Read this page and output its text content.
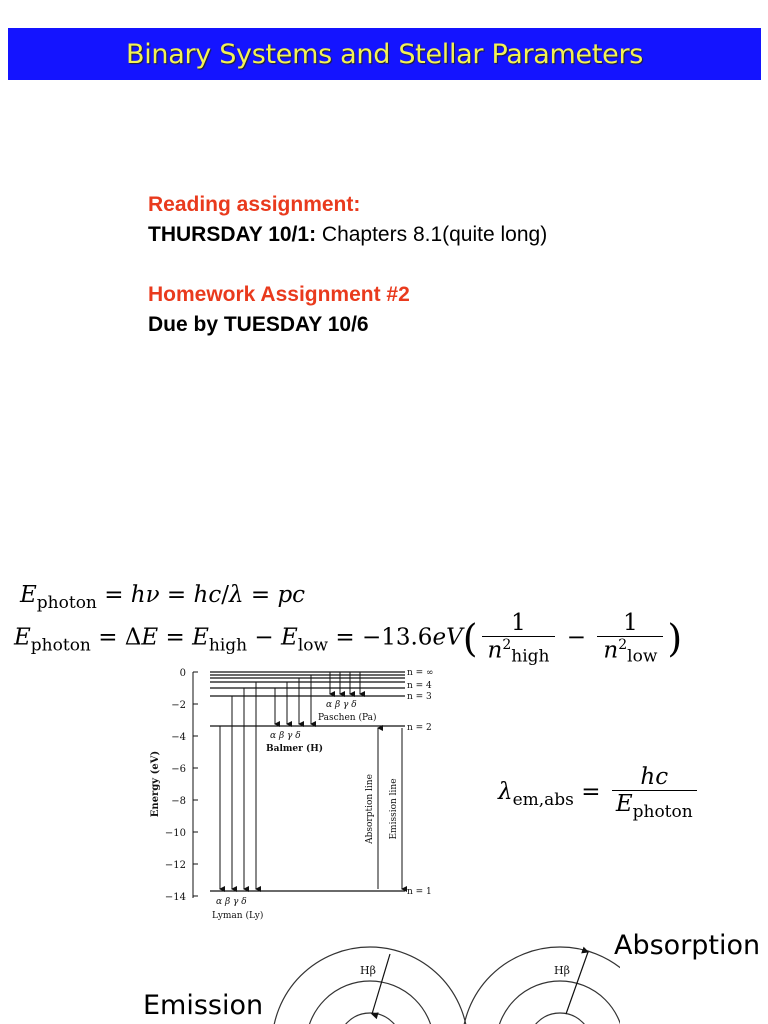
Binary Systems and Stellar Parameters
Reading assignment:
THURSDAY 10/1: Chapters 8.1(quite long)
Homework Assignment #2
Due by TUESDAY 10/6
$E_{photon} = h\nu = hc/\lambda$ = pc
$E_{photon} = \Delta E = E_{high} - E_{low} = -13.6eV( \frac{1}{n^2_{high}} - \frac{1}{n^2_{low}}$ )
$\lambda_{em,abs} = \frac{hc}{E_{photon}}$
0
−2
−4
−6
−8
−10
−12
−14
Energy (eV)
n = ∞
n = 4
n = 3
n = 2
n = 1
α β γ δ
Paschen (Pa)
α β γ δ
Balmer (H)
α β γ δ
Lyman (Ly)
Absorption line Emission line
Absorption
Emission
Hβ	Hβ
